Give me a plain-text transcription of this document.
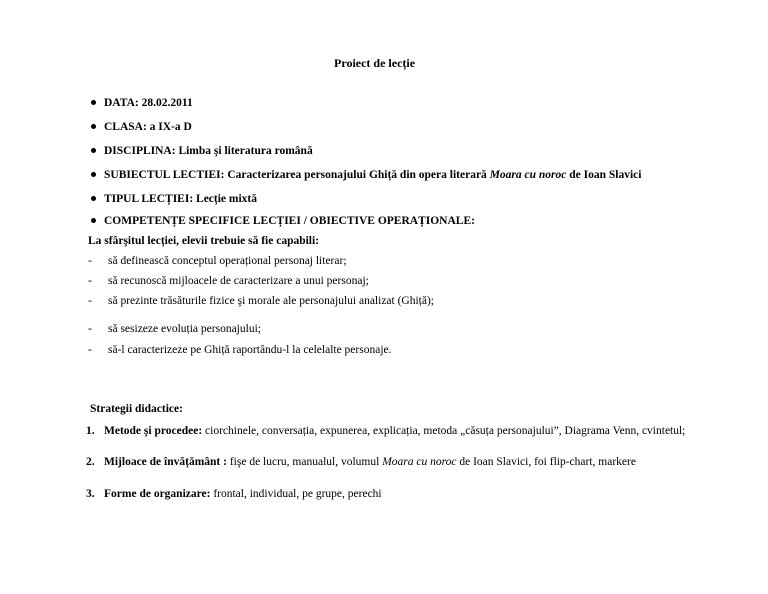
Proiect de lecție
DATA: 28.02.2011
CLASA: a IX-a D
DISCIPLINA: Limba şi literatura română
SUBIECTUL LECTIEI: Caracterizarea personajului Ghiță din opera literară Moara cu noroc de Ioan Slavici
TIPUL LECȚIEI: Lecție mixtă
COMPETENȚE SPECIFICE LECȚIEI / OBIECTIVE OPERAȚIONALE:
La sfârşitul lecției, elevii trebuie să fie capabili:
- să definească conceptul operațional personaj literar;
- să recunoscă mijloacele de caracterizare a unui personaj;
- să prezinte trăsăturile fizice şi morale ale personajului analizat (Ghiță);
- să sesizeze evoluția personajului;
- să-l caracterizeze pe Ghiță raportându-l la celelalte personaje.
Strategii didactice:
1. Metode şi procedee: ciorchinele, conversația, expunerea, explicația, metoda „căsuța personajului”, Diagrama Venn, cvintetul;
2. Mijloace de învățământ : fişe de lucru, manualul, volumul Moara cu noroc de Ioan Slavici, foi flip-chart, markere
3. Forme de organizare: frontal, individual, pe grupe, perechi
